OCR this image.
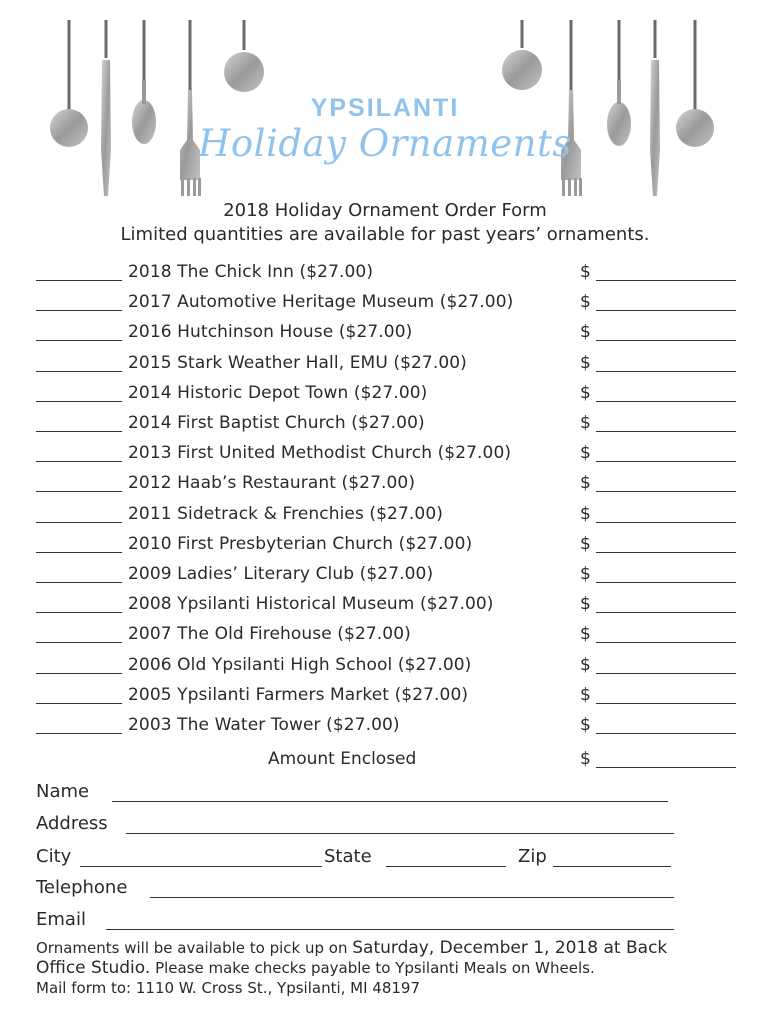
YPSILANTI
Holiday Ornaments
2018 Holiday Ornament Order Form
Limited quantities are available for past years’ ornaments.
2018 The Chick Inn ($27.00)	$
2017 Automotive Heritage Museum ($27.00)	$
2016 Hutchinson House ($27.00)	$
2015 Stark Weather Hall, EMU ($27.00)	$
2014 Historic Depot Town ($27.00)	$
2014 First Baptist Church ($27.00)	$
2013 First United Methodist Church ($27.00)	$
2012 Haab’s Restaurant ($27.00)	$
2011 Sidetrack & Frenchies ($27.00)	$
2010 First Presbyterian Church ($27.00)	$
2009 Ladies’ Literary Club ($27.00)	$
2008 Ypsilanti Historical Museum ($27.00)	$
2007 The Old Firehouse ($27.00)	$
2006 Old Ypsilanti High School ($27.00)	$
2005 Ypsilanti Farmers Market ($27.00)	$
2003 The Water Tower ($27.00)	$
Amount Enclosed	$
Name
Address
City	State	Zip
Telephone
Email
Ornaments will be available to pick up on Saturday, December 1, 2018 at Back
Office Studio. Please make checks payable to Ypsilanti Meals on Wheels.
Mail form to: 1110 W. Cross St., Ypsilanti, MI 48197
